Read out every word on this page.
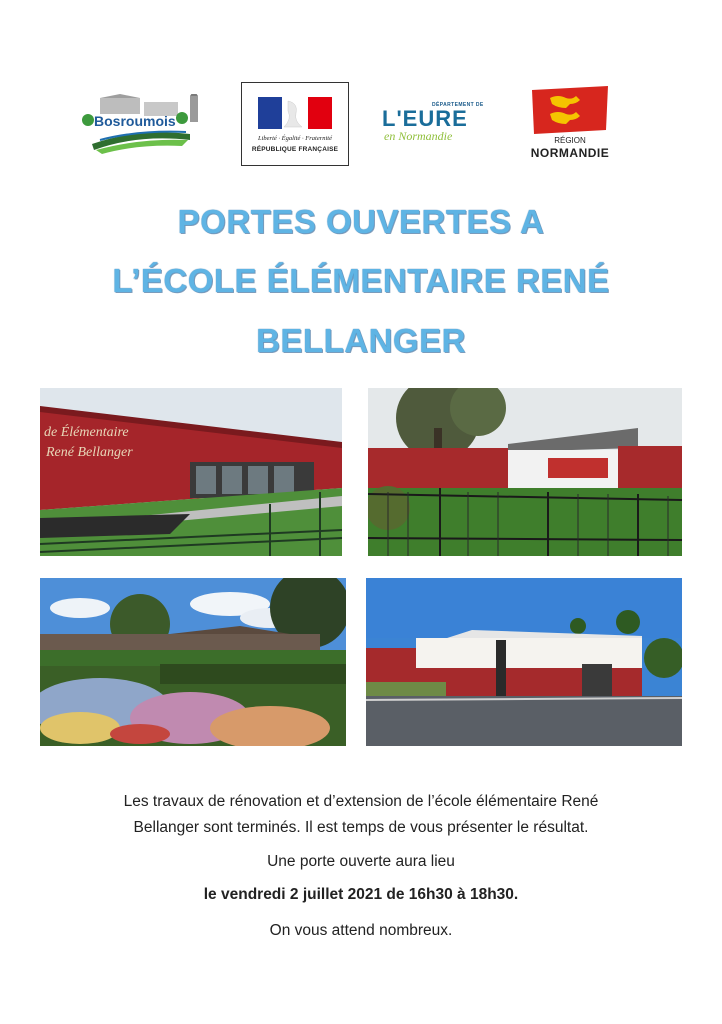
Bosroumois
Liberté · Égalité · Fraternité
RÉPUBLIQUE FRANÇAISE
DÉPARTEMENT DE
L'EURE
en Normandie	RÉGION
NORMANDIE
PORTES OUVERTES A
L’ÉCOLE ÉLÉMENTAIRE RENÉ
BELLANGER
de Élémentaire
René Bellanger
Les travaux de rénovation et d’extension de l’école élémentaire René
Bellanger sont terminés. Il est temps de vous présenter le résultat.
Une porte ouverte aura lieu
le vendredi 2 juillet 2021 de 16h30 à 18h30.
On vous attend nombreux.
